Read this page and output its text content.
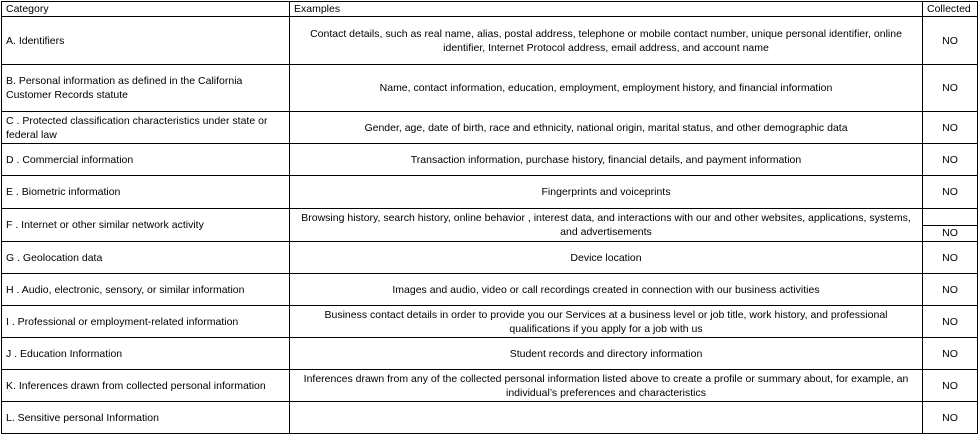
Category	Examples	Collected
A. Identifiers	Contact details, such as real name, alias, postal address, telephone or mobile contact number, unique personal identifier, online identifier, Internet Protocol address, email address, and account name	NO
B. Personal information as defined in the California Customer Records statute	Name, contact information, education, employment, employment history, and financial information	NO
C . Protected classification characteristics under state or federal law	Gender, age, date of birth, race and ethnicity, national origin, marital status, and other demographic data	NO
D . Commercial information	Transaction information, purchase history, financial details, and payment information	NO
E . Biometric information	Fingerprints and voiceprints	NO
F . Internet or other similar network activity	Browsing history, search history, online behavior , interest data, and interactions with our and other websites, applications, systems, and advertisements	NO

G . Geolocation data	Device location	NO
H . Audio, electronic, sensory, or similar information	Images and audio, video or call recordings created in connection with our business activities	NO
I . Professional or employment-related information	Business contact details in order to provide you our Services at a business level or job title, work history, and professional qualifications if you apply for a job with us	NO
J . Education Information	Student records and directory information	NO
K. Inferences drawn from collected personal information	Inferences drawn from any of the collected personal information listed above to create a profile or summary about, for example, an individual’s preferences and characteristics	NO
L. Sensitive personal Information		NO
